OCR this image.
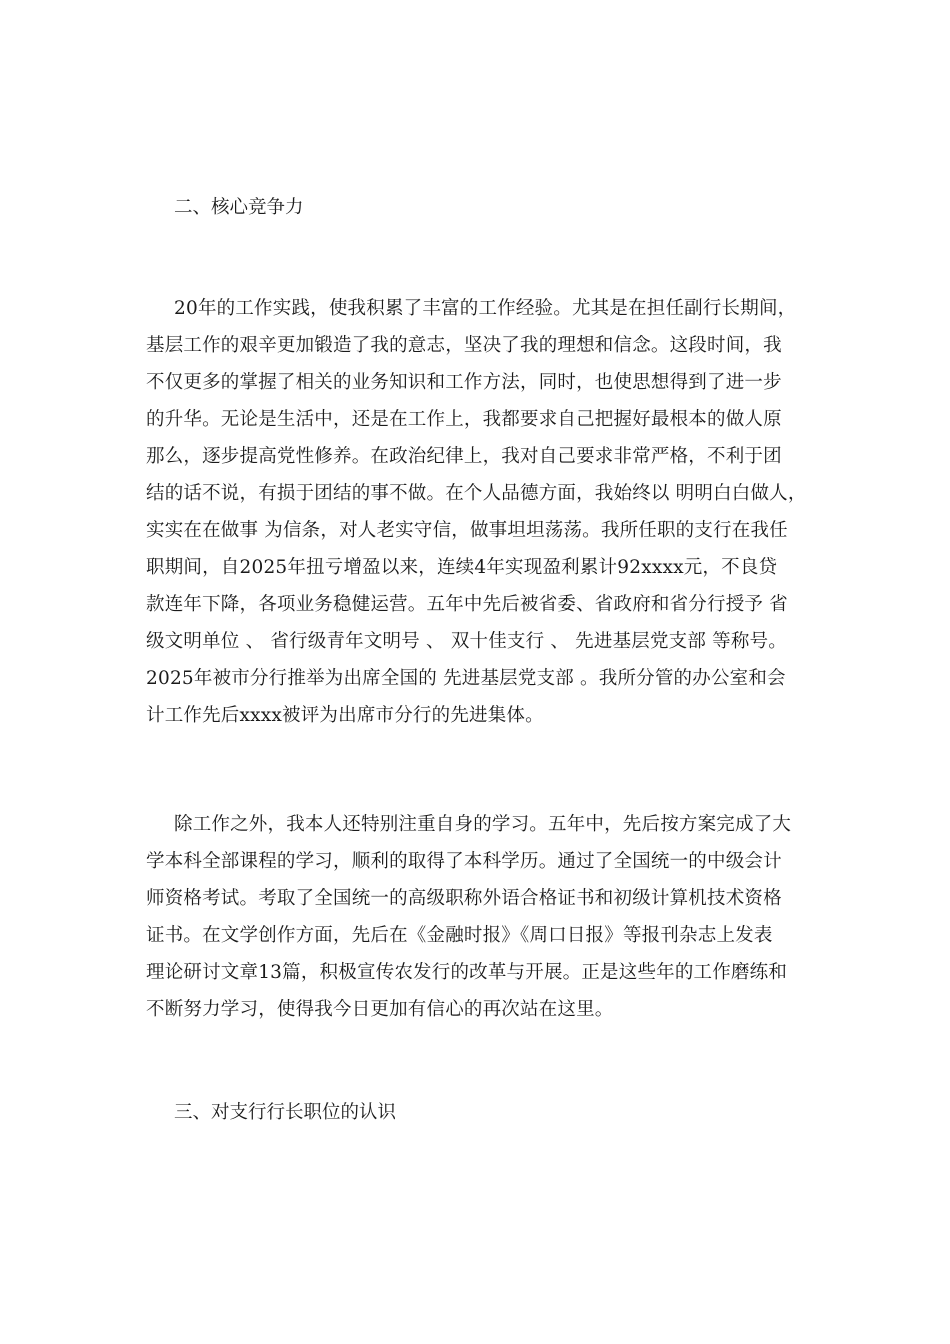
二、核心竞争力
20年的工作实践，使我积累了丰富的工作经验。尤其是在担任副行长期间，
基层工作的艰辛更加锻造了我的意志，坚决了我的理想和信念。这段时间，我
不仅更多的掌握了相关的业务知识和工作方法，同时，也使思想得到了进一步
的升华。无论是生活中，还是在工作上，我都要求自己把握好最根本的做人原
那么，逐步提高党性修养。在政治纪律上，我对自己要求非常严格，不利于团
结的话不说，有损于团结的事不做。在个人品德方面，我始终以 明明白白做人，
实实在在做事 为信条，对人老实守信，做事坦坦荡荡。我所任职的支行在我任
职期间，自2025年扭亏增盈以来，连续4年实现盈利累计92xxxx元，不良贷
款连年下降，各项业务稳健运营。五年中先后被省委、省政府和省分行授予 省
级文明单位 、 省行级青年文明号 、 双十佳支行 、 先进基层党支部 等称号。
2025年被市分行推举为出席全国的 先进基层党支部 。我所分管的办公室和会
计工作先后xxxx被评为出席市分行的先进集体。
除工作之外，我本人还特别注重自身的学习。五年中，先后按方案完成了大
学本科全部课程的学习，顺利的取得了本科学历。通过了全国统一的中级会计
师资格考试。考取了全国统一的高级职称外语合格证书和初级计算机技术资格
证书。在文学创作方面，先后在《金融时报》《周口日报》等报刊杂志上发表
理论研讨文章13篇，积极宣传农发行的改革与开展。正是这些年的工作磨练和
不断努力学习，使得我今日更加有信心的再次站在这里。
三、对支行行长职位的认识
